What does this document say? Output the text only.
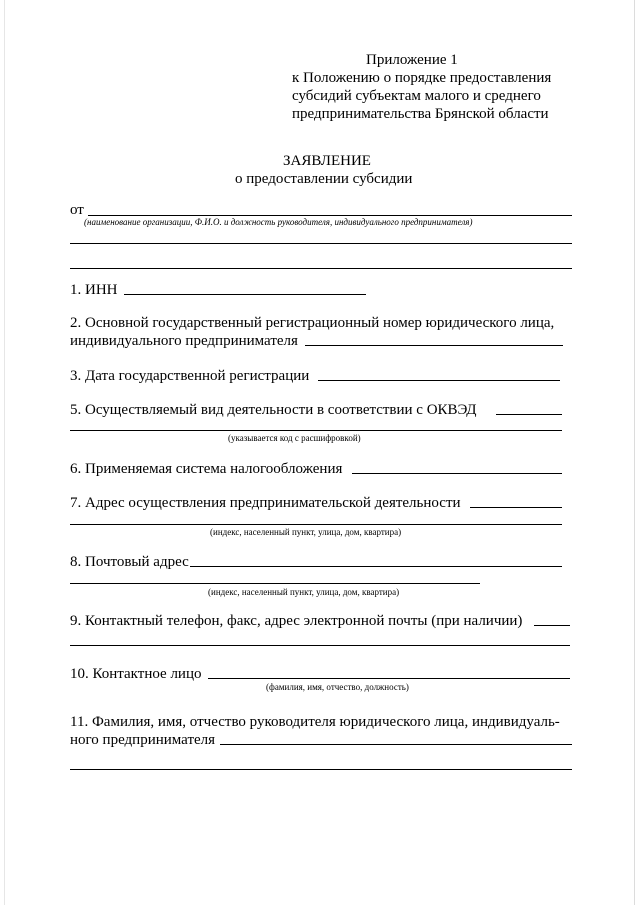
Приложение 1
к Положению о порядке предоставления
субсидий субъектам малого и среднего
предпринимательства Брянской области
ЗАЯВЛЕНИЕ
о предоставлении субсидии
от
(наименование организации, Ф.И.О. и должность руководителя, индивидуального предпринимателя)
1. ИНН
2. Основной государственный регистрационный номер юридического лица,
индивидуального предпринимателя
3. Дата государственной регистрации
5. Осуществляемый вид деятельности в соответствии с ОКВЭД
(указывается код с расшифровкой)
6. Применяемая система налогообложения
7. Адрес осуществления предпринимательской деятельности
(индекс, населенный пункт, улица, дом, квартира)
8. Почтовый адрес
(индекс, населенный пункт, улица, дом, квартира)
9. Контактный телефон, факс, адрес электронной почты (при наличии)
10. Контактное лицо
(фамилия, имя, отчество, должность)
11. Фамилия, имя, отчество руководителя юридического лица, индивидуаль-
ного предпринимателя
